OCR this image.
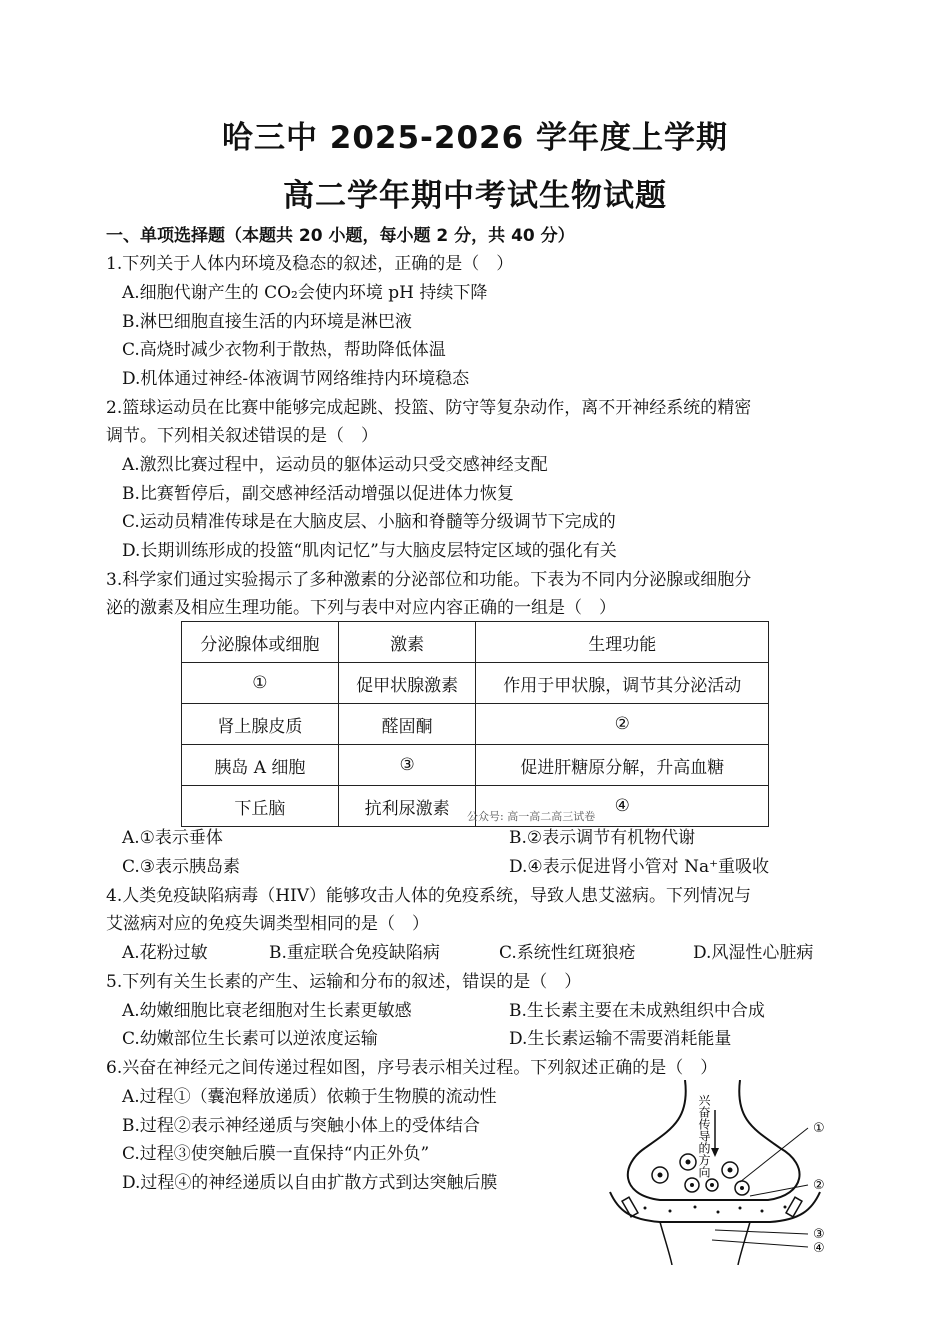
哈三中 2025-2026 学年度上学期
高二学年期中考试生物试题
一、单项选择题（本题共 20 小题，每小题 2 分，共 40 分）
1.下列关于人体内环境及稳态的叙述，正确的是（　）
A.细胞代谢产生的 CO₂会使内环境 pH 持续下降
B.淋巴细胞直接生活的内环境是淋巴液
C.高烧时减少衣物利于散热，帮助降低体温
D.机体通过神经-体液调节网络维持内环境稳态
2.篮球运动员在比赛中能够完成起跳、投篮、防守等复杂动作，离不开神经系统的精密
调节。下列相关叙述错误的是（　）
A.激烈比赛过程中，运动员的躯体运动只受交感神经支配
B.比赛暂停后，副交感神经活动增强以促进体力恢复
C.运动员精准传球是在大脑皮层、小脑和脊髓等分级调节下完成的
D.长期训练形成的投篮“肌肉记忆”与大脑皮层特定区域的强化有关
3.科学家们通过实验揭示了多种激素的分泌部位和功能。下表为不同内分泌腺或细胞分
泌的激素及相应生理功能。下列与表中对应内容正确的一组是（　）
分泌腺体或细胞	激素	生理功能
①	促甲状腺激素	作用于甲状腺，调节其分泌活动
肾上腺皮质	醛固酮	②
胰岛 A 细胞	③	促进肝糖原分解，升高血糖
下丘脑	抗利尿激素	④
公众号: 高一高二高三试卷
A.①表示垂体	B.②表示调节有机物代谢
C.③表示胰岛素	D.④表示促进肾小管对 Na⁺重吸收
4.人类免疫缺陷病毒（HIV）能够攻击人体的免疫系统，导致人患艾滋病。下列情况与
艾滋病对应的免疫失调类型相同的是（　）
A.花粉过敏	B.重症联合免疫缺陷病	C.系统性红斑狼疮	D.风湿性心脏病
5.下列有关生长素的产生、运输和分布的叙述，错误的是（　）
A.幼嫩细胞比衰老细胞对生长素更敏感	B.生长素主要在未成熟组织中合成
C.幼嫩部位生长素可以逆浓度运输	D.生长素运输不需要消耗能量
6.兴奋在神经元之间传递过程如图，序号表示相关过程。下列叙述正确的是（　）
A.过程①（囊泡释放递质）依赖于生物膜的流动性
B.过程②表示神经递质与突触小体上的受体结合
C.过程③使突触后膜一直保持“内正外负”
D.过程④的神经递质以自由扩散方式到达突触后膜
兴奋传导的方向	①
②
③
④
